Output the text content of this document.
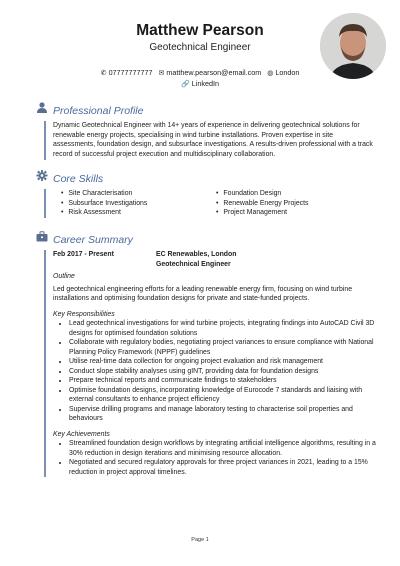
Matthew Pearson
Geotechnical Engineer
✆ 07777777777 ✉ matthew.pearson@email.com ◍ London
🔗 LinkedIn
Professional Profile
Dynamic Geotechnical Engineer with 14+ years of experience in delivering geotechnical solutions for renewable energy projects, specialising in wind turbine installations. Proven expertise in site assessments, foundation design, and subsurface investigations. A results-driven professional with a track record of successful project execution and multidisciplinary collaboration.
Core Skills
• Site Characterisation	• Foundation Design
• Subsurface Investigations	• Renewable Energy Projects
• Risk Assessment	• Project Management
Career Summary
Feb 2017 - Present	EC Renewables, London
Geotechnical Engineer
Outline
Led geotechnical engineering efforts for a leading renewable energy firm, focusing on wind turbine installations and optimising foundation designs for private and state-funded projects.
Key Responsibilities
• Lead geotechnical investigations for wind turbine projects, integrating findings into AutoCAD Civil 3D designs for optimised foundation solutions
• Collaborate with regulatory bodies, negotiating project variances to ensure compliance with National Planning Policy Framework (NPPF) guidelines
• Utilise real-time data collection for ongoing project evaluation and risk management
• Conduct slope stability analyses using gINT, providing data for foundation designs
• Prepare technical reports and communicate findings to stakeholders
• Optimise foundation designs, incorporating knowledge of Eurocode 7 standards and liaising with external consultants to enhance project efficiency
• Supervise drilling programs and manage laboratory testing to characterise soil properties and behaviours
Key Achievements
• Streamlined foundation design workflows by integrating artificial intelligence algorithms, resulting in a 30% reduction in design iterations and minimising resource allocation.
• Negotiated and secured regulatory approvals for three project variances in 2021, leading to a 15% reduction in project approval timelines.
Page 1
